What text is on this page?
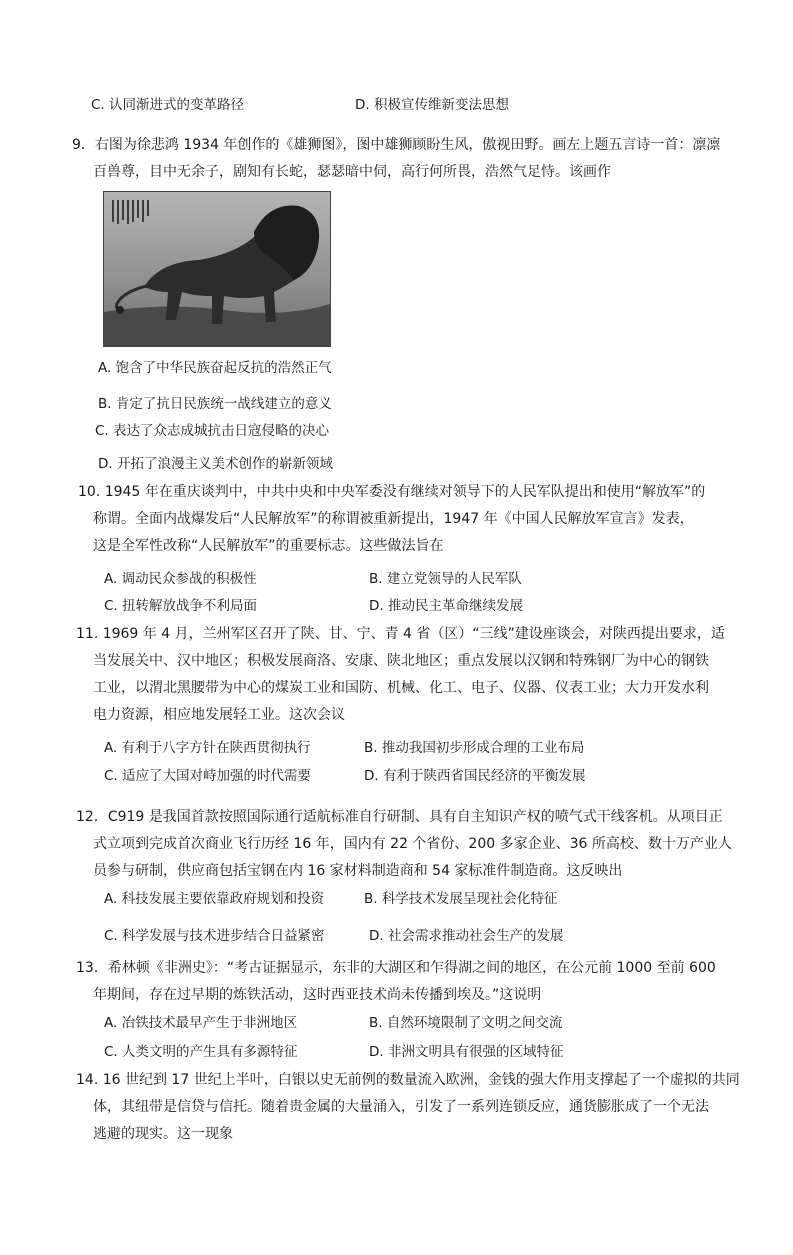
C. 认同渐进式的变革路径	D. 积极宣传维新变法思想
9．右图为徐悲鸿 1934 年创作的《雄狮图》，图中雄狮顾盼生风，傲视田野。画左上题五言诗一首：凛凛
百兽尊，目中无余子，剧知有长蛇，瑟瑟暗中伺，高行何所畏，浩然气足恃。该画作
A. 饱含了中华民族奋起反抗的浩然正气
B. 肯定了抗日民族统一战线建立的意义
C. 表达了众志成城抗击日寇侵略的决心
D. 开拓了浪漫主义美术创作的崭新领域
10. 1945 年在重庆谈判中，中共中央和中央军委没有继续对领导下的人民军队提出和使用“解放军”的
称谓。全面内战爆发后“人民解放军”的称谓被重新提出，1947 年《中国人民解放军宣言》发表，
这是全军性改称“人民解放军”的重要标志。这些做法旨在
A. 调动民众参战的积极性	B. 建立党领导的人民军队
C. 扭转解放战争不利局面	D. 推动民主革命继续发展
11. 1969 年 4 月，兰州军区召开了陕、甘、宁、青 4 省（区）“三线”建设座谈会，对陕西提出要求，适
当发展关中、汉中地区；积极发展商洛、安康、陕北地区；重点发展以汉钢和特殊钢厂为中心的钢铁
工业，以渭北黑腰带为中心的煤炭工业和国防、机械、化工、电子、仪器、仪表工业；大力开发水利
电力资源，相应地发展轻工业。这次会议
A. 有利于八字方针在陕西贯彻执行	B. 推动我国初步形成合理的工业布局
C. 适应了大国对峙加强的时代需要	D. 有利于陕西省国民经济的平衡发展
12．C919 是我国首款按照国际通行适航标准自行研制、具有自主知识产权的喷气式干线客机。从项目正
式立项到完成首次商业飞行历经 16 年，国内有 22 个省份、200 多家企业、36 所高校、数十万产业人
员参与研制，供应商包括宝钢在内 16 家材料制造商和 54 家标准件制造商。这反映出
A. 科技发展主要依靠政府规划和投资	B. 科学技术发展呈现社会化特征
C. 科学发展与技术进步结合日益紧密	D. 社会需求推动社会生产的发展
13．希林顿《非洲史》：“考古证据显示，东非的大湖区和乍得湖之间的地区，在公元前 1000 至前 600
年期间，存在过早期的炼铁活动，这时西亚技术尚未传播到埃及。”这说明
A. 冶铁技术最早产生于非洲地区	B. 自然环境限制了文明之间交流
C. 人类文明的产生具有多源特征	D. 非洲文明具有很强的区域特征
14. 16 世纪到 17 世纪上半叶，白银以史无前例的数量流入欧洲，金钱的强大作用支撑起了一个虚拟的共同
体，其纽带是信贷与信托。随着贵金属的大量涌入，引发了一系列连锁反应，通货膨胀成了一个无法
逃避的现实。这一现象
